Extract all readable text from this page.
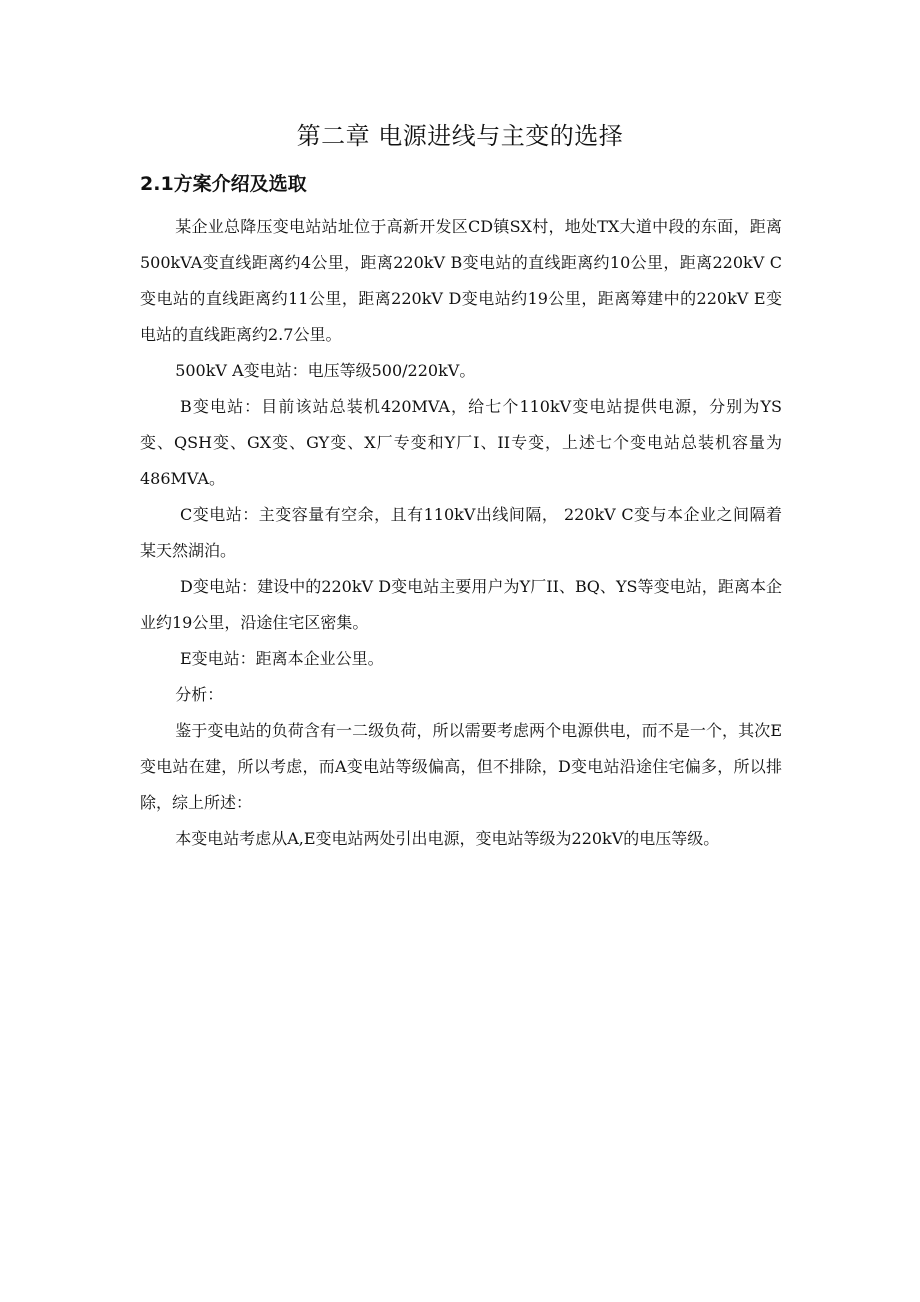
第二章 电源进线与主变的选择
2.1方案介绍及选取

某企业总降压变电站站址位于高新开发区CD镇SX村，地处TX大道中段的东面，距离500kVA变直线距离约4公里，距离220kV B变电站的直线距离约10公里，距离220kV C变电站的直线距离约11公里，距离220kV D变电站约19公里，距离筹建中的220kV E变电站的直线距离约2.7公里。

500kV A变电站：电压等级500/220kV。

B变电站：目前该站总装机420MVA，给七个110kV变电站提供电源，分别为YS变、QSH变、GX变、GY变、X厂专变和Y厂I、II专变，上述七个变电站总装机容量为486MVA。

C变电站：主变容量有空余，且有110kV出线间隔， 220kV C变与本企业之间隔着某天然湖泊。

D变电站：建设中的220kV D变电站主要用户为Y厂II、BQ、YS等变电站，距离本企业约19公里，沿途住宅区密集。

E变电站：距离本企业公里。

分析：

鉴于变电站的负荷含有一二级负荷，所以需要考虑两个电源供电，而不是一个，其次E变电站在建，所以考虑，而A变电站等级偏高，但不排除，D变电站沿途住宅偏多，所以排除，综上所述：

本变电站考虑从A,E变电站两处引出电源，变电站等级为220kV的电压等级。
